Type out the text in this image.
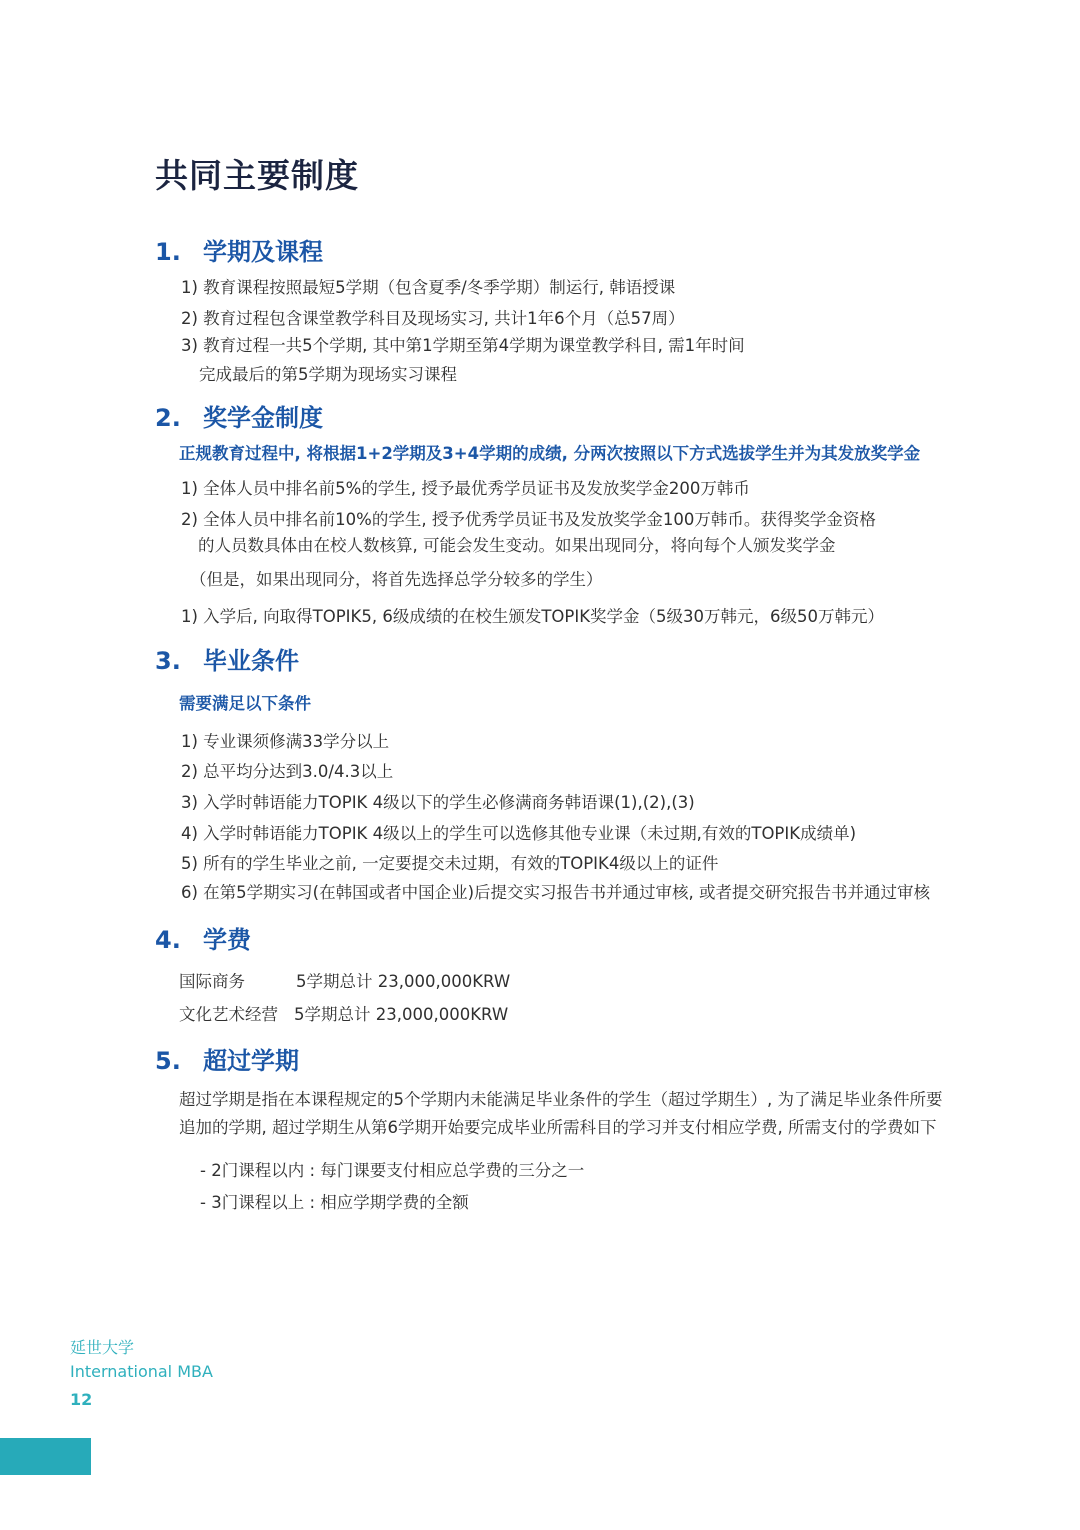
共同主要制度
1. 学期及课程
1) 教育课程按照最短5学期（包含夏季/冬季学期）制运行, 韩语授课
2) 教育过程包含课堂教学科目及现场实习, 共计1年6个月（总57周）
3) 教育过程一共5个学期, 其中第1学期至第4学期为课堂教学科目, 需1年时间
完成最后的第5学期为现场实习课程
2. 奖学金制度
正规教育过程中, 将根据1+2学期及3+4学期的成绩, 分两次按照以下方式选拔学生并为其发放奖学金
1) 全体人员中排名前5%的学生, 授予最优秀学员证书及发放奖学金200万韩币
2) 全体人员中排名前10%的学生, 授予优秀学员证书及发放奖学金100万韩币。获得奖学金资格
的人员数具体由在校人数核算, 可能会发生变动。如果出现同分，将向每个人颁发奖学金
（但是，如果出现同分，将首先选择总学分较多的学生）
1) 入学后, 向取得TOPIK5, 6级成绩的在校生颁发TOPIK奖学金（5级30万韩元，6级50万韩元）
3. 毕业条件
需要满足以下条件
1) 专业课须修满33学分以上
2) 总平均分达到3.0/4.3以上
3) 入学时韩语能力TOPIK 4级以下的学生必修满商务韩语课(1),(2),(3)
4) 入学时韩语能力TOPIK 4级以上的学生可以选修其他专业课（未过期,有效的TOPIK成绩单)
5) 所有的学生毕业之前, 一定要提交未过期，有效的TOPIK4级以上的证件
6) 在第5学期实习(在韩国或者中国企业)后提交实习报告书并通过审核, 或者提交研究报告书并通过审核
4. 学费
国际商务	5学期总计 23,000,000KRW
文化艺术经营 5学期总计 23,000,000KRW
5. 超过学期
超过学期是指在本课程规定的5个学期内未能满足毕业条件的学生（超过学期生）, 为了满足毕业条件所要
追加的学期, 超过学期生从第6学期开始要完成毕业所需科目的学习并支付相应学费, 所需支付的学费如下
- 2门课程以内 : 每门课要支付相应总学费的三分之一
- 3门课程以上 : 相应学期学费的全额
延世大学
International MBA
12
